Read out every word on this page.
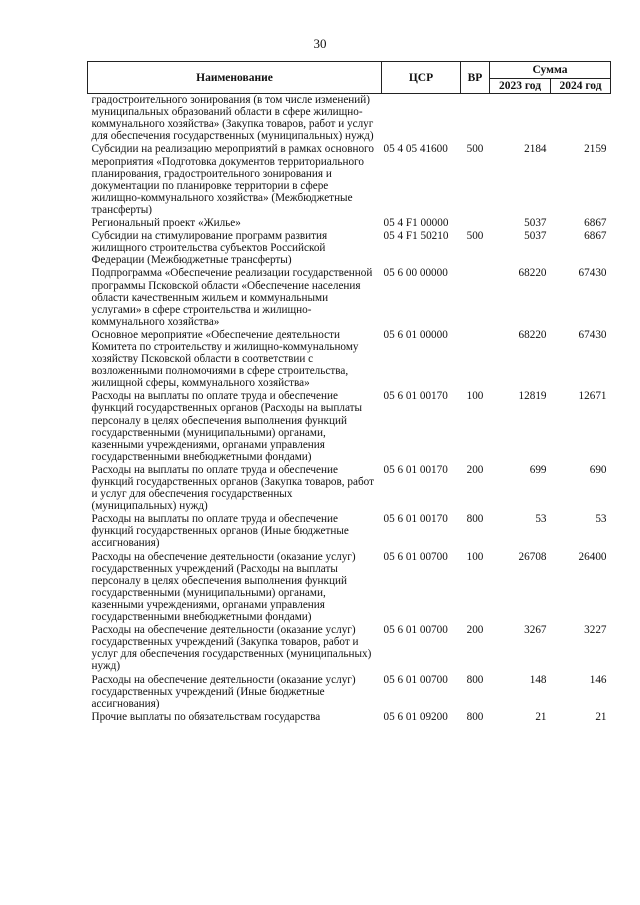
30
Наименование	ЦСР	ВР	Сумма	
			2023 год	2024 год
градостроительного зонирования (в том числе изменений) муниципальных образований области в сфере жилищно-коммунального хозяйства» (Закупка товаров, работ и услуг для обеспечения государственных (муниципальных) нужд)				
Субсидии на реализацию мероприятий в рамках основного мероприятия «Подготовка документов территориального планирования, градостроительного зонирования и документации по планировке территории в сфере жилищно-коммунального хозяйства» (Межбюджетные трансферты)	05 4 05 41600	500	2184	2159
Региональный проект «Жилье»	05 4 F1 00000		5037	6867
Субсидии на стимулирование программ развития жилищного строительства субъектов Российской Федерации (Межбюджетные трансферты)	05 4 F1 50210	500	5037	6867
Подпрограмма «Обеспечение реализации государственной программы Псковской области «Обеспечение населения области качественным жильем и коммунальными услугами» в сфере строительства и жилищно-коммунального хозяйства»	05 6 00 00000		68220	67430
Основное мероприятие «Обеспечение деятельности Комитета по строительству и жилищно-коммунальному хозяйству Псковской области в соответствии с возложенными полномочиями в сфере строительства, жилищной сферы, коммунального хозяйства»	05 6 01 00000		68220	67430
Расходы на выплаты по оплате труда и обеспечение функций государственных органов (Расходы на выплаты персоналу в целях обеспечения выполнения функций государственными (муниципальными) органами, казенными учреждениями, органами управления государственными внебюджетными фондами)	05 6 01 00170	100	12819	12671
Расходы на выплаты по оплате труда и обеспечение функций государственных органов (Закупка товаров, работ и услуг для обеспечения государственных (муниципальных) нужд)	05 6 01 00170	200	699	690
Расходы на выплаты по оплате труда и обеспечение функций государственных органов (Иные бюджетные ассигнования)	05 6 01 00170	800	53	53
Расходы на обеспечение деятельности (оказание услуг) государственных учреждений (Расходы на выплаты персоналу в целях обеспечения выполнения функций государственными (муниципальными) органами, казенными учреждениями, органами управления государственными внебюджетными фондами)	05 6 01 00700	100	26708	26400
Расходы на обеспечение деятельности (оказание услуг) государственных учреждений (Закупка товаров, работ и услуг для обеспечения государственных (муниципальных) нужд)	05 6 01 00700	200	3267	3227
Расходы на обеспечение деятельности (оказание услуг) государственных учреждений (Иные бюджетные ассигнования)	05 6 01 00700	800	148	146
Прочие выплаты по обязательствам государства	05 6 01 09200	800	21	21
